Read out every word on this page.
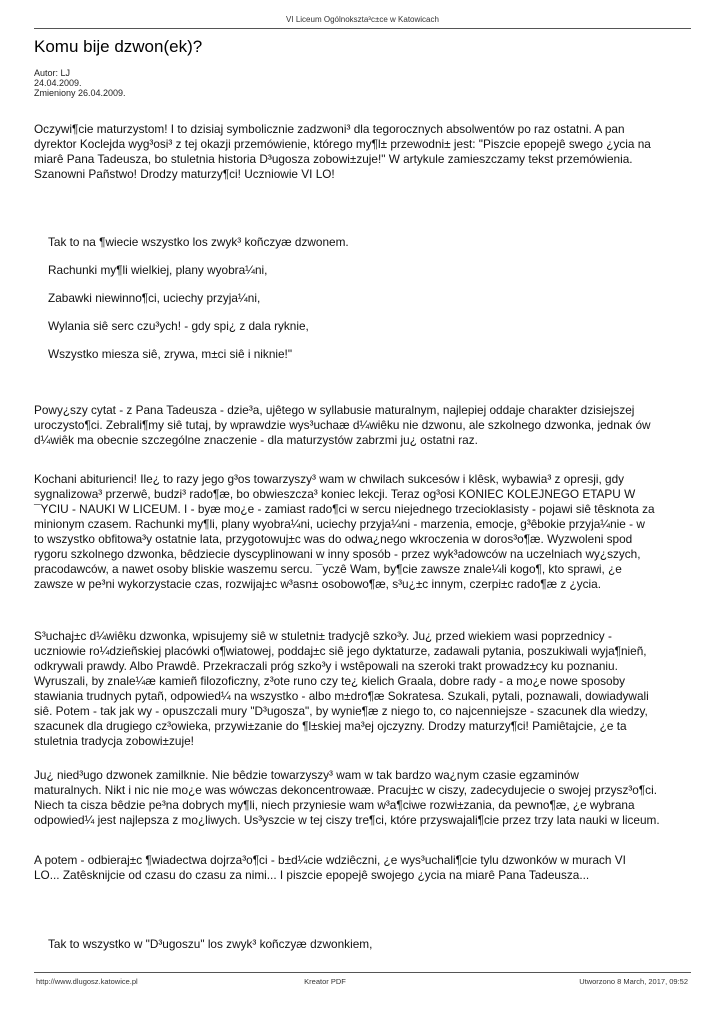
VI Liceum Ogólnokszta³c±ce w Katowicach
Komu bije dzwon(ek)?
Autor: LJ
24.04.2009.
Zmieniony 26.04.2009.
Oczywi¶cie maturzystom! I to dzisiaj symbolicznie zadzwoni³ dla tegorocznych absolwentów po raz ostatni. A pan
dyrektor Koclejda wyg³osi³ z tej okazji przemówienie, którego my¶l± przewodni± jest: "Piszcie epopejê swego ¿ycia na
miarê Pana Tadeusza, bo stuletnia historia D³ugosza zobowi±zuje!" W artykule zamieszczamy tekst przemówienia.
Szanowni Pañstwo! Drodzy maturzy¶ci! Uczniowie VI LO!
Tak to na ¶wiecie wszystko los zwyk³ koñczyæ dzwonem.
Rachunki my¶li wielkiej, plany wyobra¼ni,
Zabawki niewinno¶ci, uciechy przyja¼ni,
Wylania siê serc czu³ych! - gdy spi¿ z dala ryknie,
Wszystko miesza siê, zrywa, m±ci siê i niknie!"
Powy¿szy cytat - z Pana Tadeusza - dzie³a, ujêtego w syllabusie maturalnym, najlepiej oddaje charakter dzisiejszej
uroczysto¶ci. Zebrali¶my siê tutaj, by wprawdzie wys³uchaæ d¼wiêku nie dzwonu, ale szkolnego dzwonka, jednak ów
d¼wiêk ma obecnie szczególne znaczenie - dla maturzystów zabrzmi ju¿ ostatni raz.
Kochani abiturienci! Ile¿ to razy jego g³os towarzyszy³ wam w chwilach sukcesów i klêsk, wybawia³ z opresji, gdy
sygnalizowa³ przerwê, budzi³ rado¶æ, bo obwieszcza³ koniec lekcji. Teraz og³osi KONIEC KOLEJNEGO ETAPU W
¯YCIU - NAUKI W LICEUM. I - byæ mo¿e - zamiast rado¶ci w sercu niejednego trzecioklasisty - pojawi siê têsknota za
minionym czasem. Rachunki my¶li, plany wyobra¼ni, uciechy przyja¼ni - marzenia, emocje, g³êbokie przyja¼nie - w
to wszystko obfitowa³y ostatnie lata, przygotowuj±c was do odwa¿nego wkroczenia w doros³o¶æ. Wyzwoleni spod
rygoru szkolnego dzwonka, bêdziecie dyscyplinowani w inny sposób - przez wyk³adowców na uczelniach wy¿szych,
pracodawców, a nawet osoby bliskie waszemu sercu. ¯yczê Wam, by¶cie zawsze znale¼li kogo¶, kto sprawi, ¿e
zawsze w pe³ni wykorzystacie czas, rozwijaj±c w³asn± osobowo¶æ, s³u¿±c innym, czerpi±c rado¶æ z ¿ycia.
S³uchaj±c d¼wiêku dzwonka, wpisujemy siê w stuletni± tradycjê szko³y. Ju¿ przed wiekiem wasi poprzednicy -
uczniowie ro¼dzieñskiej placówki o¶wiatowej, poddaj±c siê jego dyktaturze, zadawali pytania, poszukiwali wyja¶nieñ,
odkrywali prawdy. Albo Prawdê. Przekraczali próg szko³y i wstêpowali na szeroki trakt prowadz±cy ku poznaniu.
Wyruszali, by znale¼æ kamieñ filozoficzny, z³ote runo czy te¿ kielich Graala, dobre rady - a mo¿e nowe sposoby
stawiania trudnych pytañ, odpowied¼ na wszystko - albo m±dro¶æ Sokratesa. Szukali, pytali, poznawali, dowiadywali
siê. Potem - tak jak wy - opuszczali mury "D³ugosza", by wynie¶æ z niego to, co najcenniejsze - szacunek dla wiedzy,
szacunek dla drugiego cz³owieka, przywi±zanie do ¶l±skiej ma³ej ojczyzny. Drodzy maturzy¶ci! Pamiêtajcie, ¿e ta
stuletnia tradycja zobowi±zuje!
Ju¿ nied³ugo dzwonek zamilknie. Nie bêdzie towarzyszy³ wam w tak bardzo wa¿nym czasie egzaminów
maturalnych. Nikt i nic nie mo¿e was wówczas dekoncentrowaæ. Pracuj±c w ciszy, zadecydujecie o swojej przysz³o¶ci.
Niech ta cisza bêdzie pe³na dobrych my¶li, niech przyniesie wam w³a¶ciwe rozwi±zania, da pewno¶æ, ¿e wybrana
odpowied¼ jest najlepsza z mo¿liwych. Us³yszcie w tej ciszy tre¶ci, które przyswajali¶cie przez trzy lata nauki w liceum.
A potem - odbieraj±c ¶wiadectwa dojrza³o¶ci - b±d¼cie wdziêczni, ¿e wys³uchali¶cie tylu dzwonków w murach VI
LO... Zatêsknijcie od czasu do czasu za nimi... I piszcie epopejê swojego ¿ycia na miarê Pana Tadeusza...
Tak to wszystko w "D³ugoszu" los zwyk³ koñczyæ dzwonkiem,
http://www.dlugosz.katowice.pl	Kreator PDF	Utworzono 8 March, 2017, 09:52
